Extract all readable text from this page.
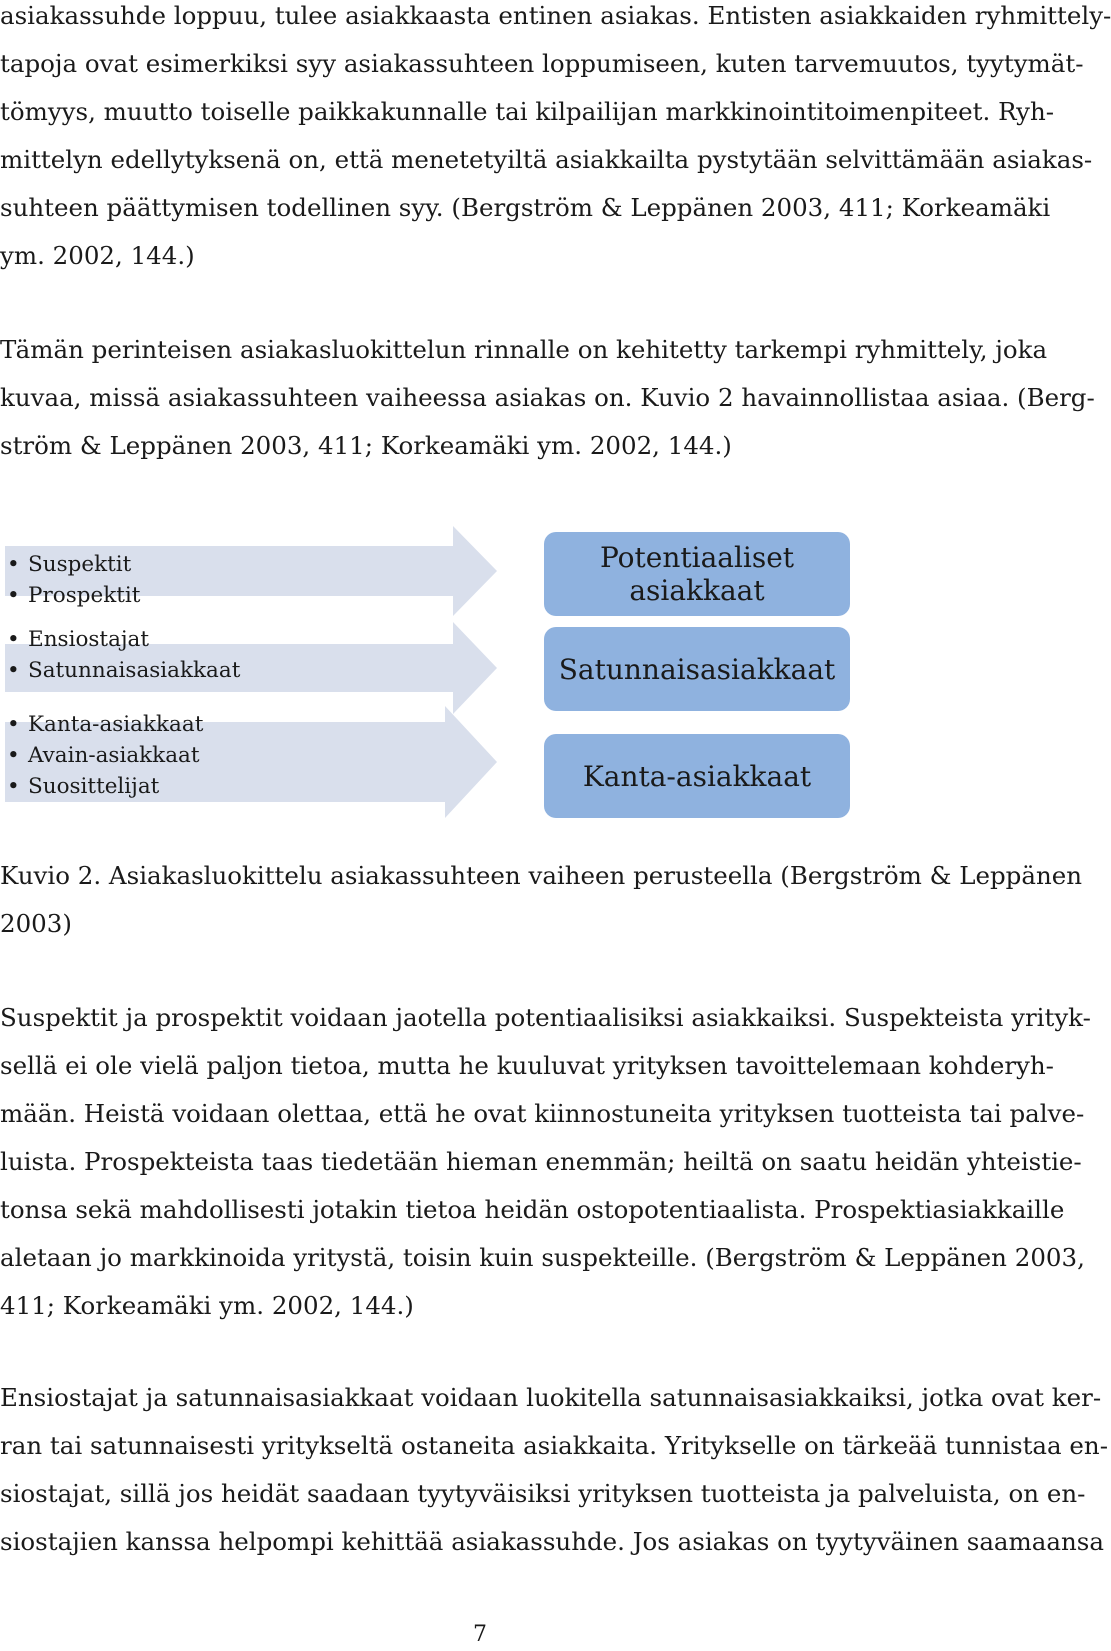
asiakassuhde loppuu, tulee asiakkaasta entinen asiakas. Entisten asiakkaiden ryhmittely-
tapoja ovat esimerkiksi syy asiakassuhteen loppumiseen, kuten tarvemuutos, tyytymät-
tömyys, muutto toiselle paikkakunnalle tai kilpailijan markkinointitoimenpiteet. Ryh-
mittelyn edellytyksenä on, että menetetyiltä asiakkailta pystytään selvittämään asiakas-
suhteen päättymisen todellinen syy. (Bergström & Leppänen 2003, 411; Korkeamäki
ym. 2002, 144.)
Tämän perinteisen asiakasluokittelun rinnalle on kehitetty tarkempi ryhmittely, joka
kuvaa, missä asiakassuhteen vaiheessa asiakas on. Kuvio 2 havainnollistaa asiaa. (Berg-
ström & Leppänen 2003, 411; Korkeamäki ym. 2002, 144.)
• Suspektit
• Prospektit
• Ensiostajat
• Satunnaisasiakkaat
• Kanta-asiakkaat
• Avain-asiakkaat
• Suosittelijat
Potentiaaliset asiakkaat
Satunnaisasiakkaat
Kanta-asiakkaat
Kuvio 2. Asiakasluokittelu asiakassuhteen vaiheen perusteella (Bergström & Leppänen
2003)
Suspektit ja prospektit voidaan jaotella potentiaalisiksi asiakkaiksi. Suspekteista yrityk-
sellä ei ole vielä paljon tietoa, mutta he kuuluvat yrityksen tavoittelemaan kohderyh-
mään. Heistä voidaan olettaa, että he ovat kiinnostuneita yrityksen tuotteista tai palve-
luista. Prospekteista taas tiedetään hieman enemmän; heiltä on saatu heidän yhteistie-
tonsa sekä mahdollisesti jotakin tietoa heidän ostopotentiaalista. Prospektiasiakkaille
aletaan jo markkinoida yritystä, toisin kuin suspekteille. (Bergström & Leppänen 2003,
411; Korkeamäki ym. 2002, 144.)
Ensiostajat ja satunnaisasiakkaat voidaan luokitella satunnaisasiakkaiksi, jotka ovat ker-
ran tai satunnaisesti yritykseltä ostaneita asiakkaita. Yritykselle on tärkeää tunnistaa en-
siostajat, sillä jos heidät saadaan tyytyväisiksi yrityksen tuotteista ja palveluista, on en-
siostajien kanssa helpompi kehittää asiakassuhde. Jos asiakas on tyytyväinen saamaansa
7
